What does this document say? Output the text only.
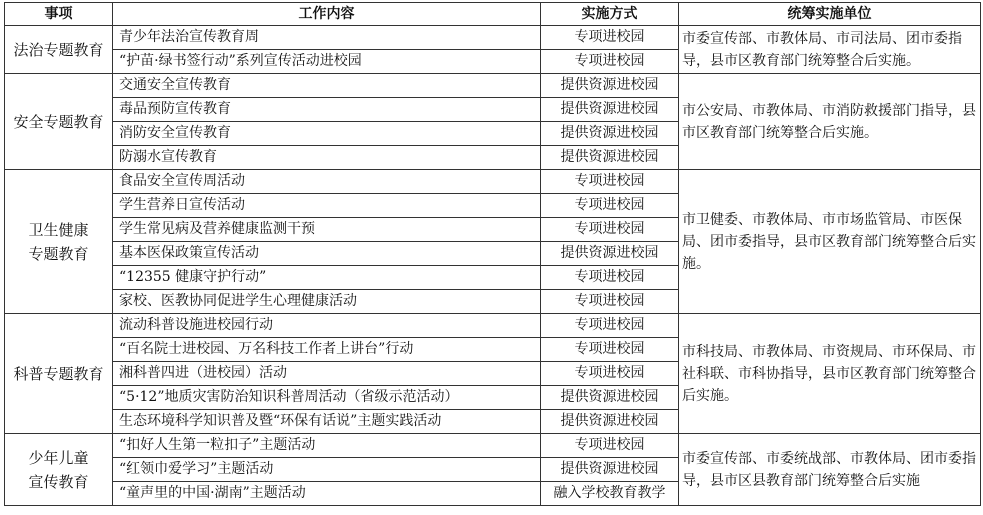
事项	工作内容	实施方式	统筹实施单位
法治专题教育	青少年法治宣传教育周	专项进校园	市委宣传部、市教体局、市司法局、团市委指导，县市区教育部门统筹整合后实施。
	“护苗·绿书签行动”系列宣传活动进校园	专项进校园	
安全专题教育	交通安全宣传教育	提供资源进校园	市公安局、市教体局、市消防救援部门指导，县市区教育部门统筹整合后实施。
	毒品预防宣传教育	提供资源进校园	
	消防安全宣传教育	提供资源进校园	
	防溺水宣传教育	提供资源进校园	
卫生健康专题教育	食品安全宣传周活动	专项进校园	市卫健委、市教体局、市市场监管局、市医保局、团市委指导，县市区教育部门统筹整合后实施。
	学生营养日宣传活动	专项进校园	
	学生常见病及营养健康监测干预	专项进校园	
	基本医保政策宣传活动	提供资源进校园	
	“12355 健康守护行动”	专项进校园	
	家校、医教协同促进学生心理健康活动	专项进校园	
科普专题教育	流动科普设施进校园行动	专项进校园	市科技局、市教体局、市资规局、市环保局、市社科联、市科协指导，县市区教育部门统筹整合后实施。
	“百名院士进校园、万名科技工作者上讲台”行动	专项进校园	
	湘科普四进（进校园）活动	专项进校园	
	“5·12”地质灾害防治知识科普周活动（省级示范活动）	提供资源进校园	
	生态环境科学知识普及暨“环保有话说”主题实践活动	提供资源进校园	
少年儿童宣传教育	“扣好人生第一粒扣子”主题活动	专项进校园	市委宣传部、市委统战部、市教体局、团市委指导，县市区县教育部门统筹整合后实施
	“红领巾爱学习”主题活动	提供资源进校园	
	“童声里的中国·湖南”主题活动	融入学校教育教学	
